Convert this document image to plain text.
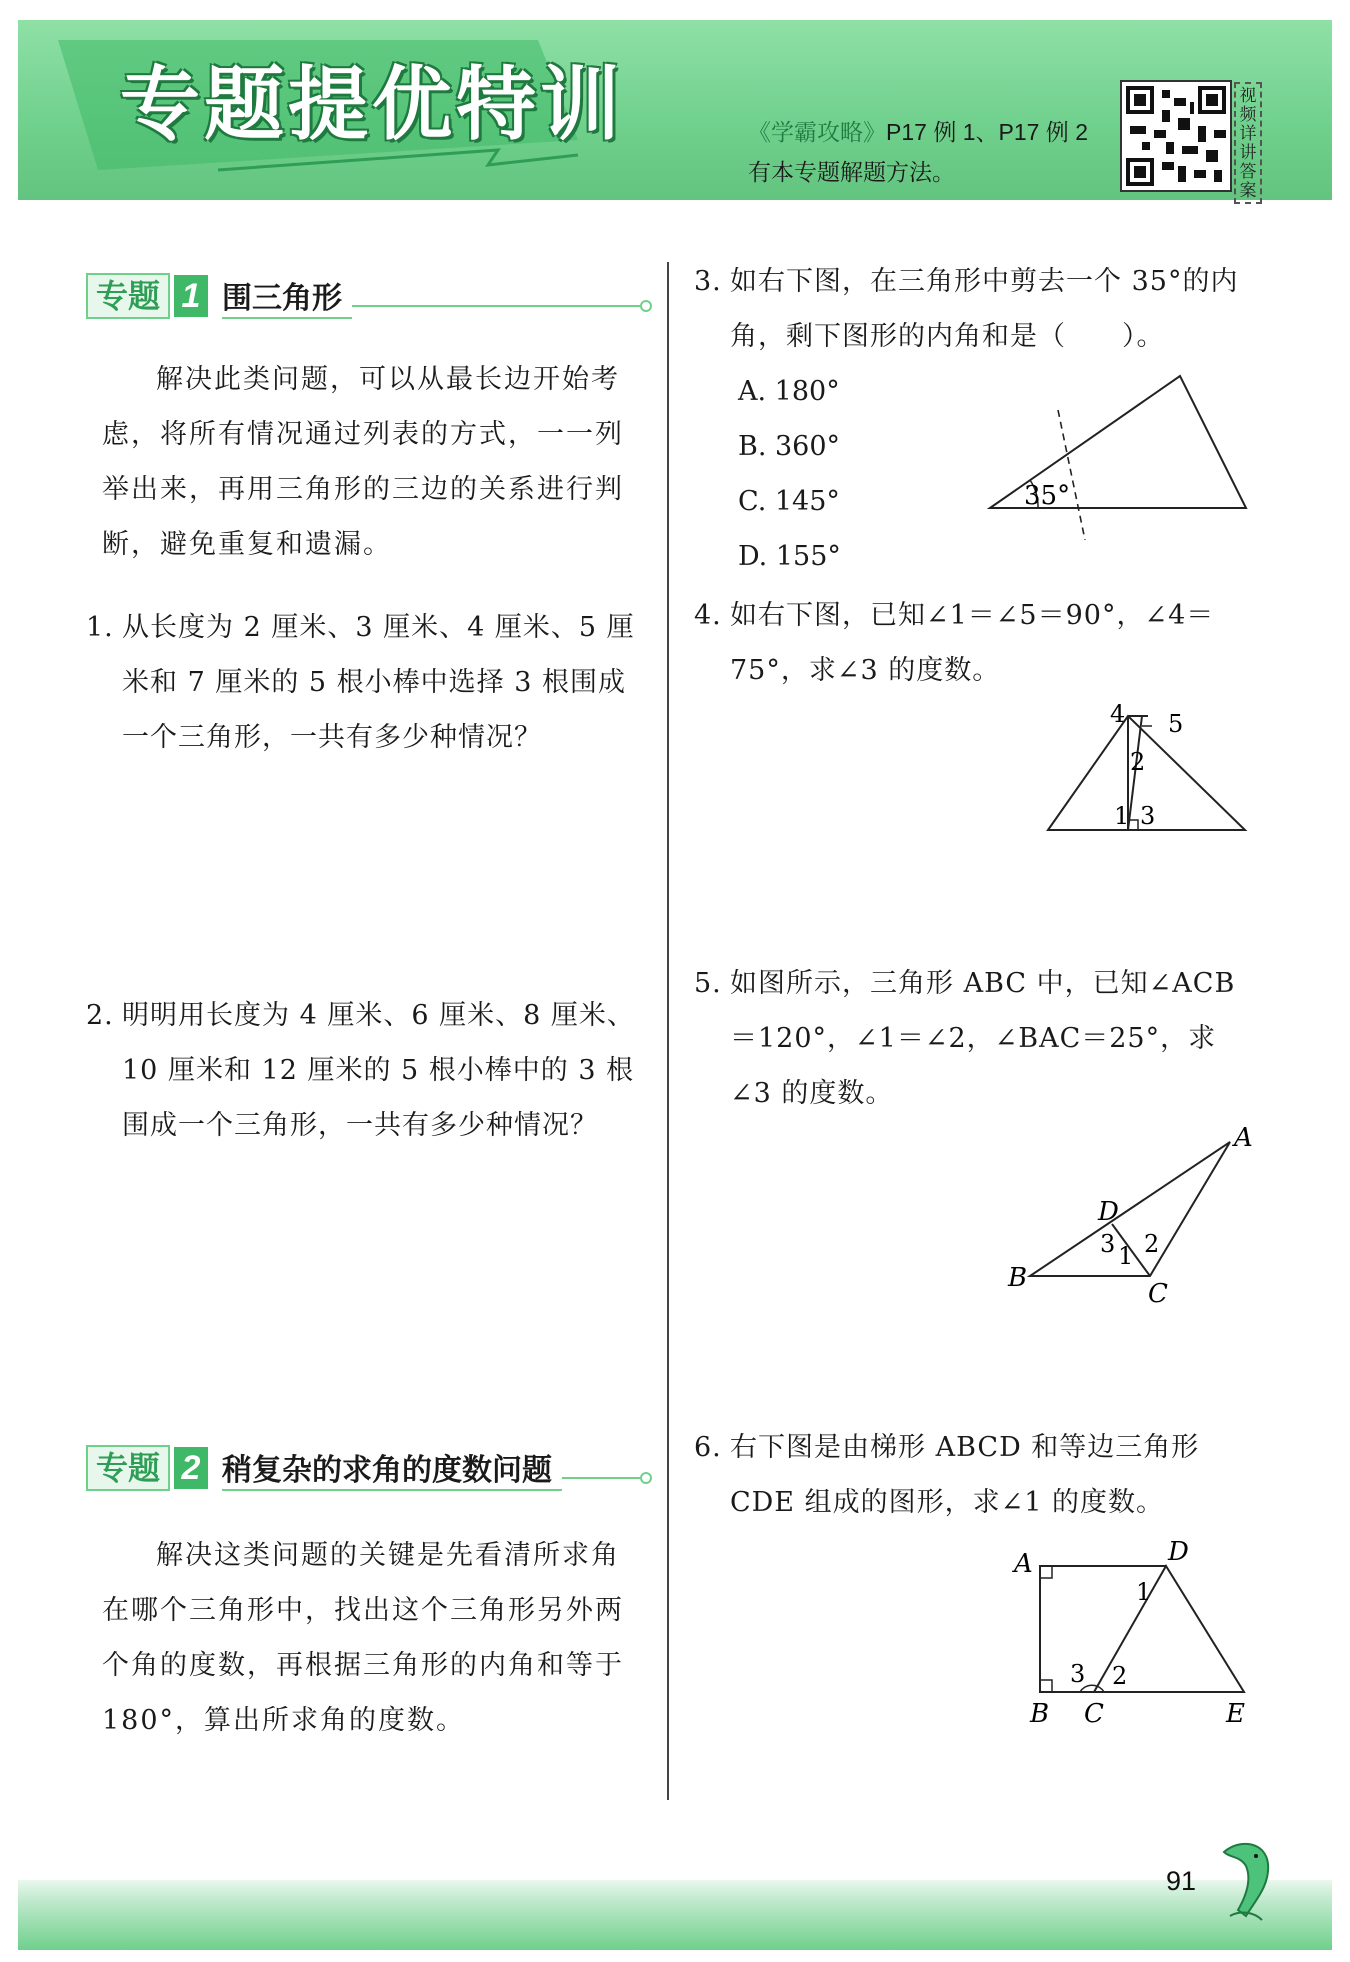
专题提优特训	《学霸攻略》P17 例 1、P17 例 2
有本专题解题方法。
视频详讲答案
专题 1 围三角形
解决此类问题，可以从最长边开始考虑，将所有情况通过列表的方式，一一列举出来，再用三角形的三边的关系进行判断，避免重复和遗漏。
1. 从长度为 2 厘米、3 厘米、4 厘米、5 厘米和 7 厘米的 5 根小棒中选择 3 根围成一个三角形，一共有多少种情况？
2. 明明用长度为 4 厘米、6 厘米、8 厘米、10 厘米和 12 厘米的 5 根小棒中的 3 根围成一个三角形，一共有多少种情况？
专题 2 稍复杂的求角的度数问题
解决这类问题的关键是先看清所求角在哪个三角形中，找出这个三角形另外两个角的度数，再根据三角形的内角和等于 180°，算出所求角的度数。
3. 如右下图，在三角形中剪去一个 35°的内角，剩下图形的内角和是（　　）。
A. 180°
B. 360°
C. 145°
D. 155°
35°
4. 如右下图，已知∠1＝∠5＝90°，∠4＝75°，求∠3 的度数。
4 5
2
1 3
5. 如图所示，三角形 ABC 中，已知∠ACB＝120°，∠1＝∠2，∠BAC＝25°，求∠3 的度数。
A
B
C
D
3 1 2
6. 右下图是由梯形 ABCD 和等边三角形 CDE 组成的图形，求∠1 的度数。
A	D
B C	E
1
2
3
91
